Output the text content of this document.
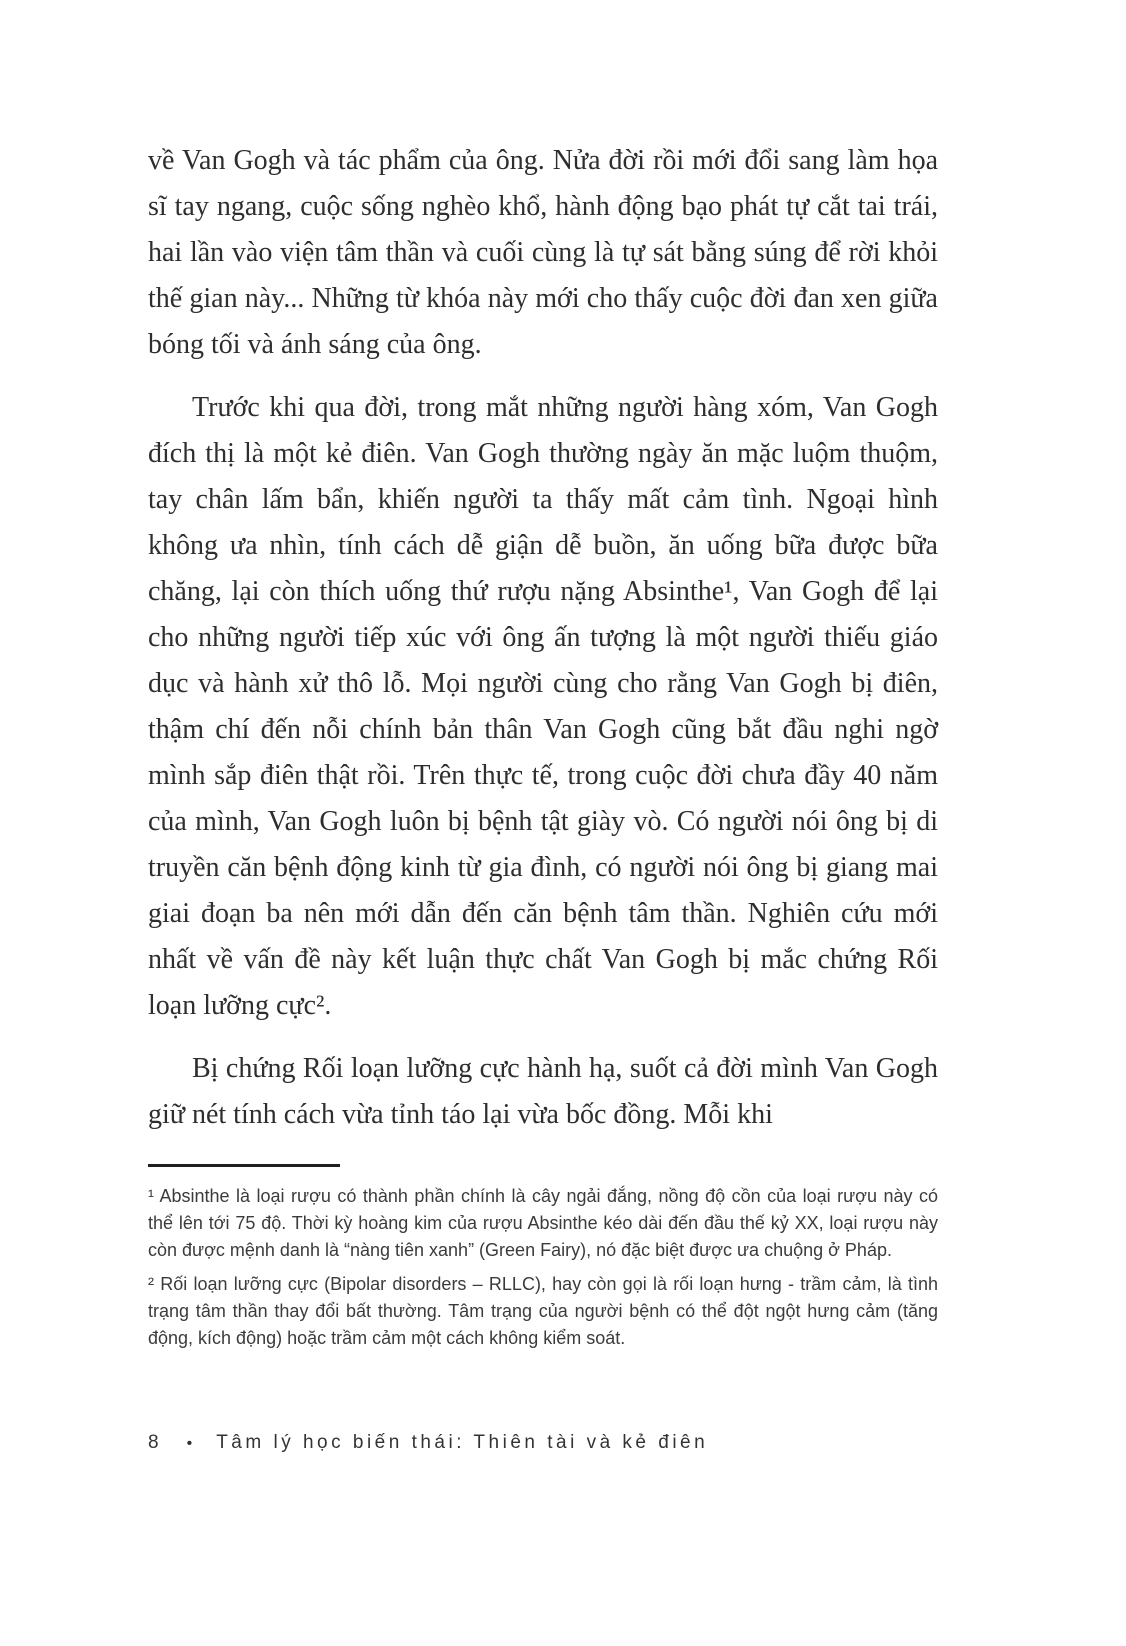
về Van Gogh và tác phẩm của ông. Nửa đời rồi mới đổi sang làm họa sĩ tay ngang, cuộc sống nghèo khổ, hành động bạo phát tự cắt tai trái, hai lần vào viện tâm thần và cuối cùng là tự sát bằng súng để rời khỏi thế gian này... Những từ khóa này mới cho thấy cuộc đời đan xen giữa bóng tối và ánh sáng của ông.

Trước khi qua đời, trong mắt những người hàng xóm, Van Gogh đích thị là một kẻ điên. Van Gogh thường ngày ăn mặc luộm thuộm, tay chân lấm bẩn, khiến người ta thấy mất cảm tình. Ngoại hình không ưa nhìn, tính cách dễ giận dễ buồn, ăn uống bữa được bữa chăng, lại còn thích uống thứ rượu nặng Absinthe¹, Van Gogh để lại cho những người tiếp xúc với ông ấn tượng là một người thiếu giáo dục và hành xử thô lỗ. Mọi người cùng cho rằng Van Gogh bị điên, thậm chí đến nỗi chính bản thân Van Gogh cũng bắt đầu nghi ngờ mình sắp điên thật rồi. Trên thực tế, trong cuộc đời chưa đầy 40 năm của mình, Van Gogh luôn bị bệnh tật giày vò. Có người nói ông bị di truyền căn bệnh động kinh từ gia đình, có người nói ông bị giang mai giai đoạn ba nên mới dẫn đến căn bệnh tâm thần. Nghiên cứu mới nhất về vấn đề này kết luận thực chất Van Gogh bị mắc chứng Rối loạn lưỡng cực².

Bị chứng Rối loạn lưỡng cực hành hạ, suốt cả đời mình Van Gogh giữ nét tính cách vừa tỉnh táo lại vừa bốc đồng. Mỗi khi

¹ Absinthe là loại rượu có thành phần chính là cây ngải đắng, nồng độ cồn của loại rượu này có thể lên tới 75 độ. Thời kỳ hoàng kim của rượu Absinthe kéo dài đến đầu thế kỷ XX, loại rượu này còn được mệnh danh là “nàng tiên xanh” (Green Fairy), nó đặc biệt được ưa chuộng ở Pháp.

² Rối loạn lưỡng cực (Bipolar disorders – RLLC), hay còn gọi là rối loạn hưng - trầm cảm, là tình trạng tâm thần thay đổi bất thường. Tâm trạng của người bệnh có thể đột ngột hưng cảm (tăng động, kích động) hoặc trầm cảm một cách không kiểm soát.

8 • Tâm lý học biến thái: Thiên tài và kẻ điên
